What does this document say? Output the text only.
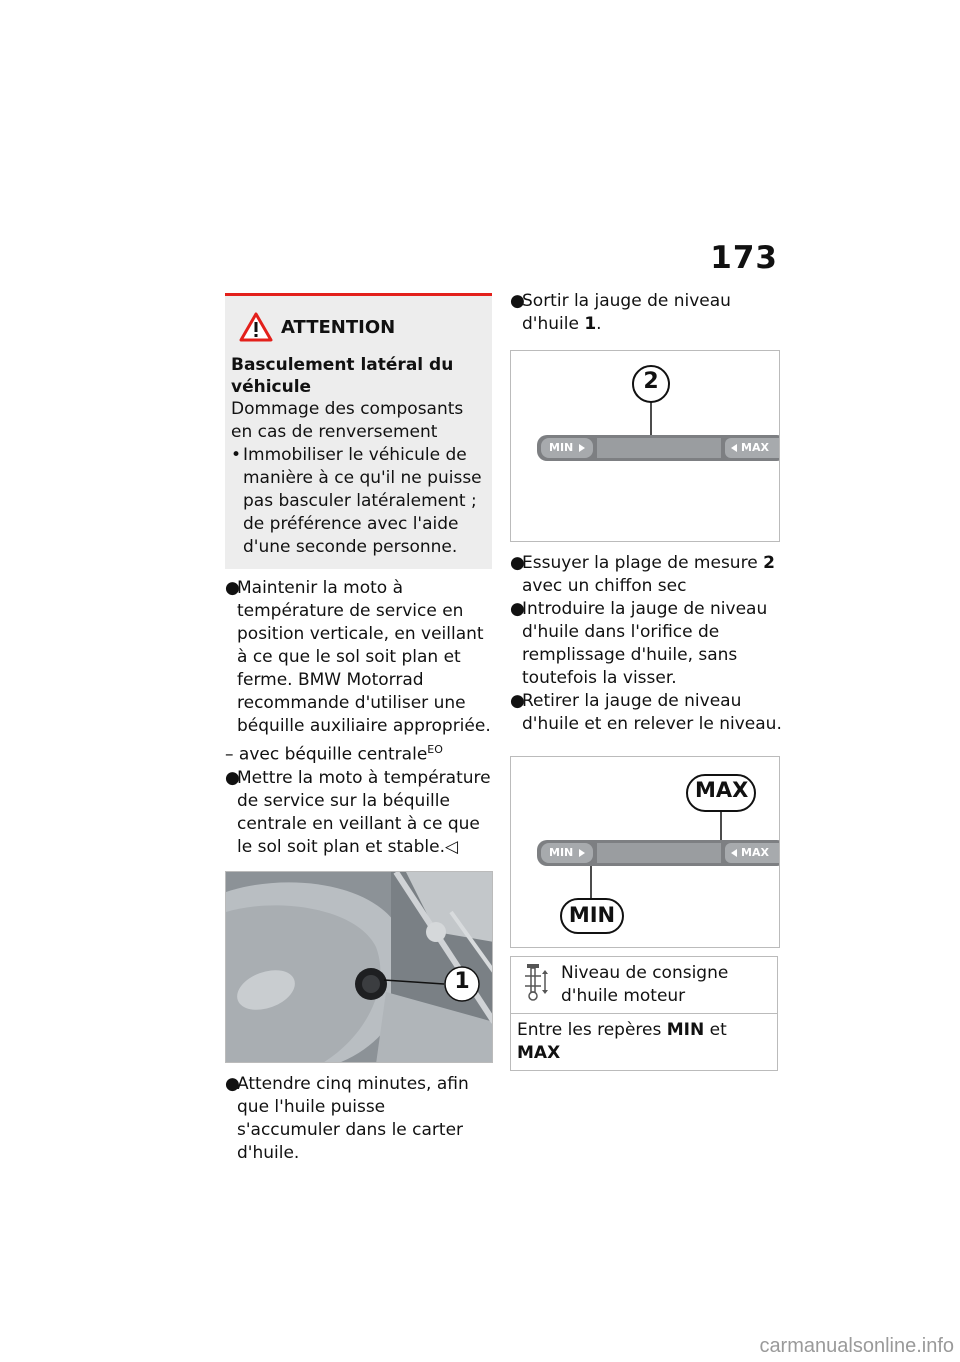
173
ATTENTION
Basculement latéral du véhicule
Dommage des composants en cas de renversement
• Immobiliser le véhicule de manière à ce qu'il ne puisse pas basculer latéralement ; de préférence avec l'aide d'une seconde personne.
●Maintenir la moto à température de service en position verticale, en veillant à ce que le sol soit plan et ferme. BMW Motorrad recommande d'utiliser une béquille auxiliaire appropriée.
– avec béquille centrale$^{EO}$
●Mettre la moto à température de service sur la béquille centrale en veillant à ce que le sol soit plan et stable.◁
1
●Attendre cinq minutes, afin que l'huile puisse s'accumuler dans le carter d'huile.
●Sortir la jauge de niveau d'huile 1.
2
MIN	MAX
●Essuyer la plage de mesure 2 avec un chiffon sec
●Introduire la jauge de niveau d'huile dans l'orifice de remplissage d'huile, sans toutefois la visser.
●Retirer la jauge de niveau d'huile et en relever le niveau.
MAX
MIN
MIN	MAX
Niveau de consigne d'huile moteur

Entre les repères MIN et MAX
carmanualsonline.info
